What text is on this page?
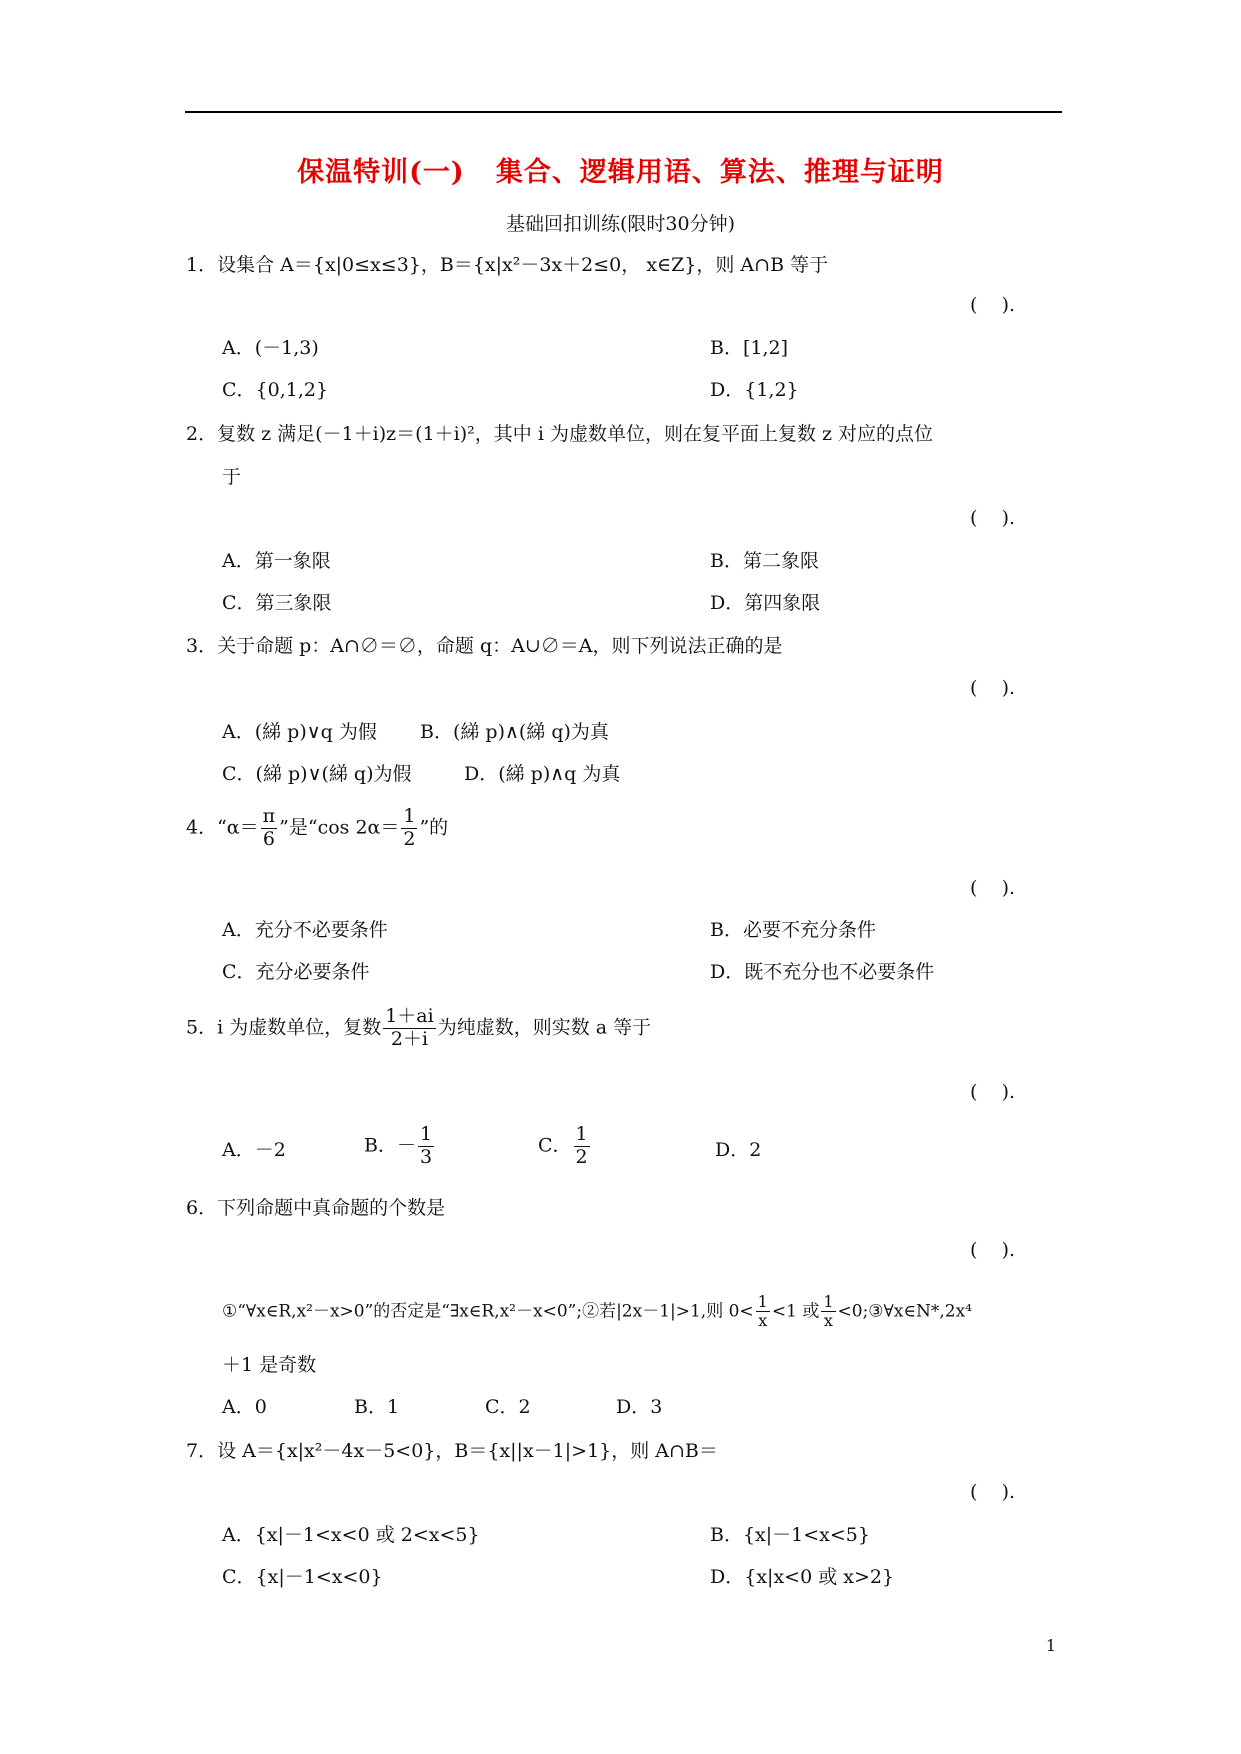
保温特训(一)   集合、逻辑用语、算法、推理与证明
基础回扣训练(限时30分钟)
1．设集合 A＝{x|0≤x≤3}，B＝{x|x²－3x＋2≤0， x∈Z}，则 A∩B 等于
(    ).
A．(－1,3)	B．[1,2]
C．{0,1,2}	D．{1,2}
2．复数 z 满足(－1＋i)z＝(1＋i)²，其中 i 为虚数单位，则在复平面上复数 z 对应的点位
于
(    ).
A．第一象限	B．第二象限
C．第三象限	D．第四象限
3．关于命题 p：A∩∅＝∅，命题 q：A∪∅＝A，则下列说法正确的是
(    ).
A．(綈 p)∨q 为假 B．(綈 p)∧(綈 q)为真
C．(綈 p)∨(綈 q)为假	D．(綈 p)∧q 为真
4．“$\alpha= \frac{\pi}{6}$ ”是“cos $2\alpha= \frac{1}{2}$ ”的
(    ).
A．充分不必要条件	B．必要不充分条件
C．充分必要条件	D．既不充分也不必要条件
5．i 为虚数单位，复数 $\frac{1+ai}{2+i}$ 为纯虚数，则实数 a 等于
(    ).
A．－2	B．－ $\frac{1}{3}$	C． $\frac{1}{2}$	D．2
6．下列命题中真命题的个数是
(    ).
①“∀x∈R,x²－x>0”的否定是“∃x∈R,x²－x<0”;②若|2x－1|>1,则 $0< \frac{1}{x} <1$ 或 $\frac{1}{x}$ <0;③∀x∈N*,2x⁴
＋1 是奇数
A．0	B．1	C．2	D．3
7．设 A＝{x|x²－4x－5<0}，B＝{x||x－1|>1}，则 A∩B＝
(    ).
A．{x|－1<x<0 或 2<x<5}	B．{x|－1<x<5}
C．{x|－1<x<0}	D．{x|x<0 或 x>2}
1
